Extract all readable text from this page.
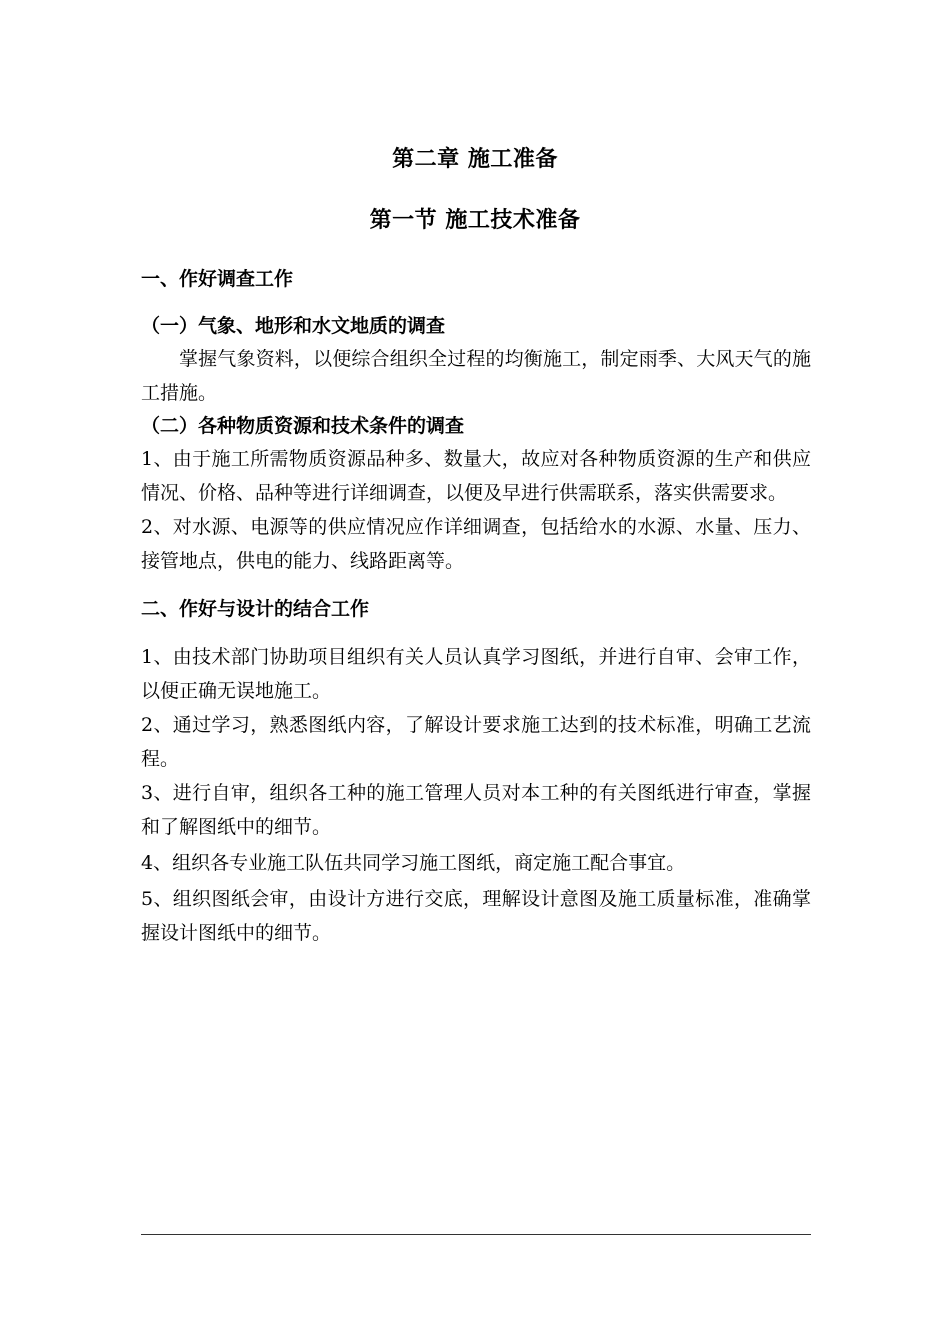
第二章 施工准备
第一节 施工技术准备
一、作好调查工作
（一）气象、地形和水文地质的调查
掌握气象资料，以便综合组织全过程的均衡施工，制定雨季、大风天气的施工措施。
（二）各种物质资源和技术条件的调查
1、由于施工所需物质资源品种多、数量大，故应对各种物质资源的生产和供应情况、价格、品种等进行详细调查，以便及早进行供需联系，落实供需要求。
2、对水源、电源等的供应情况应作详细调查，包括给水的水源、水量、压力、接管地点，供电的能力、线路距离等。
二、作好与设计的结合工作
1、由技术部门协助项目组织有关人员认真学习图纸，并进行自审、会审工作，以便正确无误地施工。
2、通过学习，熟悉图纸内容，了解设计要求施工达到的技术标准，明确工艺流程。
3、进行自审，组织各工种的施工管理人员对本工种的有关图纸进行审查，掌握和了解图纸中的细节。
4、组织各专业施工队伍共同学习施工图纸，商定施工配合事宜。
5、组织图纸会审，由设计方进行交底，理解设计意图及施工质量标准，准确掌握设计图纸中的细节。
